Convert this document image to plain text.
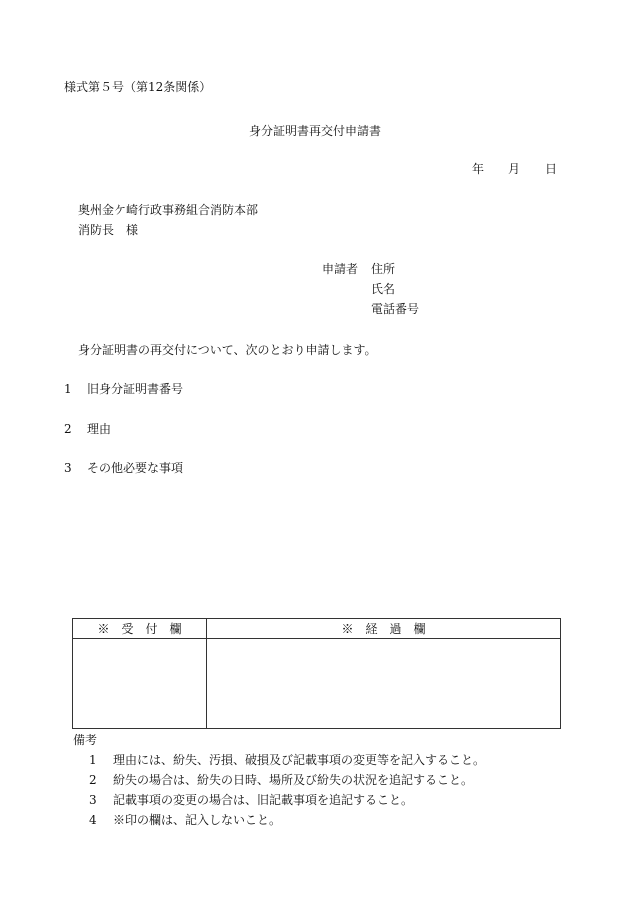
様式第５号（第12条関係）
身分証明書再交付申請書
年 月 日
奥州金ケ崎行政事務組合消防本部
消防長　様
申請者 住所
氏名
電話番号
身分証明書の再交付について、次のとおり申請します。
1 旧身分証明書番号
2 理由
3 その他必要な事項
※　受　付　欄	※　経　過　欄

備考
1 理由には、紛失、汚損、破損及び記載事項の変更等を記入すること。
2 紛失の場合は、紛失の日時、場所及び紛失の状況を追記すること。
3 記載事項の変更の場合は、旧記載事項を追記すること。
4 ※印の欄は、記入しないこと。
